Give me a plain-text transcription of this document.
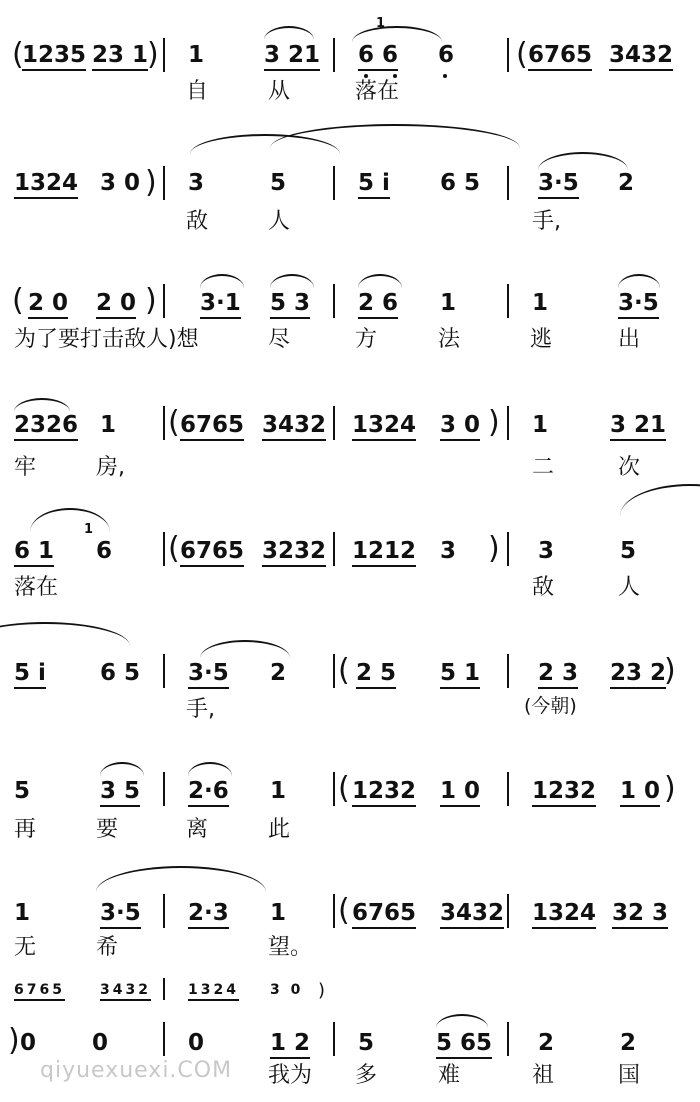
(
1235 23 1
) 1	3 21
1
6 6 6 ( 6765 3432
自	从	落在
1324 3 0 ) 3	5	5 i 6 5	3·5 2
敌	人	手,
( 2 0 2 0 ) 3·1 5 3 2 6 1	1	3·5
为了要打击敌人)想	尽	方	法	逃	出
2326 1 ( 6765 3432 1324 3 0 ) 1	3 21
牢	房,	二	次
6 1
1
6 ( 6765 3232 1212 3 ) 3	5
落在	敌	人
5 i 6 5 3·5 2 ( 2 5 5 1	2 3 23 2
)
手,	(今朝)
5	3 5 2·6 1 ( 1232 1 0 1232 1 0 )
再	要	离	此
1	3·5 2·3 1 ( 6765 3432 1324 32 3
无	希	望。
6765	3432	1324 3 0 )
) 0 0	0	1 2 5	5 65 2	2
我为 多	难	祖	国
qiyuexuexi.COM
